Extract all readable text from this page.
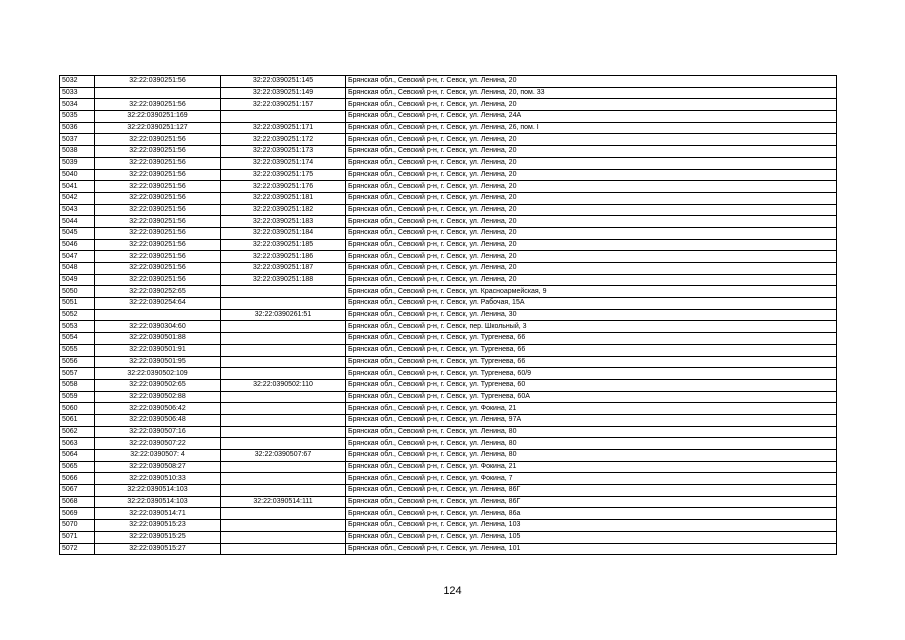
5032	32:22:0390251:56	32:22:0390251:145	Брянская обл., Севский р-н, г. Севск, ул. Ленина, 20
5033		32:22:0390251:149	Брянская обл., Севский р-н, г. Севск, ул. Ленина, 20, пом. 33
5034	32:22:0390251:56	32:22:0390251:157	Брянская обл., Севский р-н, г. Севск, ул. Ленина, 20
5035	32:22:0390251:169		Брянская обл., Севский р-н, г. Севск, ул. Ленина, 24А
5036	32:22:0390251:127	32:22:0390251:171	Брянская обл., Севский р-н, г. Севск, ул. Ленина, 26, пом. I
5037	32:22:0390251:56	32:22:0390251:172	Брянская обл., Севский р-н, г. Севск, ул. Ленина, 20
5038	32:22:0390251:56	32:22:0390251:173	Брянская обл., Севский р-н, г. Севск, ул. Ленина, 20
5039	32:22:0390251:56	32:22:0390251:174	Брянская обл., Севский р-н, г. Севск, ул. Ленина, 20
5040	32:22:0390251:56	32:22:0390251:175	Брянская обл., Севский р-н, г. Севск, ул. Ленина, 20
5041	32:22:0390251:56	32:22:0390251:176	Брянская обл., Севский р-н, г. Севск, ул. Ленина, 20
5042	32:22:0390251:56	32:22:0390251:181	Брянская обл., Севский р-н, г. Севск, ул. Ленина, 20
5043	32:22:0390251:56	32:22:0390251:182	Брянская обл., Севский р-н, г. Севск, ул. Ленина, 20
5044	32:22:0390251:56	32:22:0390251:183	Брянская обл., Севский р-н, г. Севск, ул. Ленина, 20
5045	32:22:0390251:56	32:22:0390251:184	Брянская обл., Севский р-н, г. Севск, ул. Ленина, 20
5046	32:22:0390251:56	32:22:0390251:185	Брянская обл., Севский р-н, г. Севск, ул. Ленина, 20
5047	32:22:0390251:56	32:22:0390251:186	Брянская обл., Севский р-н, г. Севск, ул. Ленина, 20
5048	32:22:0390251:56	32:22:0390251:187	Брянская обл., Севский р-н, г. Севск, ул. Ленина, 20
5049	32:22:0390251:56	32:22:0390251:188	Брянская обл., Севский р-н, г. Севск, ул. Ленина, 20
5050	32:22:0390252:65		Брянская обл., Севский р-н, г. Севск, ул. Красноармейская, 9
5051	32:22:0390254:64		Брянская обл., Севский р-н, г. Севск, ул. Рабочая, 15А
5052		32:22:0390261:51	Брянская обл., Севский р-н, г. Севск, ул. Ленина, 30
5053	32:22:0390304:60		Брянская обл., Севский р-н, г. Севск, пер. Школьный, 3
5054	32:22:0390501:88		Брянская обл., Севский р-н, г. Севск, ул. Тургенева, 66
5055	32:22:0390501:91		Брянская обл., Севский р-н, г. Севск, ул. Тургенева, 66
5056	32:22:0390501:95		Брянская обл., Севский р-н, г. Севск, ул. Тургенева, 66
5057	32:22:0390502:109		Брянская обл., Севский р-н, г. Севск, ул. Тургенева, 60/9
5058	32:22:0390502:65	32:22:0390502:110	Брянская обл., Севский р-н, г. Севск, ул. Тургенева, 60
5059	32:22:0390502:88		Брянская обл., Севский р-н, г. Севск, ул. Тургенева, 60А
5060	32:22:0390506:42		Брянская обл., Севский р-н, г. Севск, ул. Фокина, 21
5061	32:22:0390506:48		Брянская обл., Севский р-н, г. Севск, ул. Ленина, 97А
5062	32:22:0390507:16		Брянская обл., Севский р-н, г. Севск, ул. Ленина, 80
5063	32:22:0390507:22		Брянская обл., Севский р-н, г. Севск, ул. Ленина, 80
5064	32:22:0390507: 4	32:22:0390507:67	Брянская обл., Севский р-н, г. Севск, ул. Ленина, 80
5065	32:22:0390508:27		Брянская обл., Севский р-н, г. Севск, ул. Фокина, 21
5066	32:22:0390510:33		Брянская обл., Севский р-н, г. Севск, ул. Фокина, 7
5067	32:22:0390514:103		Брянская обл., Севский р-н, г. Севск, ул. Ленина, 86Г
5068	32:22:0390514:103	32:22:0390514:111	Брянская обл., Севский р-н, г. Севск, ул. Ленина, 86Г
5069	32:22:0390514:71		Брянская обл., Севский р-н, г. Севск, ул. Ленина, 86а
5070	32:22:0390515:23		Брянская обл., Севский р-н, г. Севск, ул. Ленина, 103
5071	32:22:0390515:25		Брянская обл., Севский р-н, г. Севск, ул. Ленина, 105
5072	32:22:0390515:27		Брянская обл., Севский р-н, г. Севск, ул. Ленина, 101
124
